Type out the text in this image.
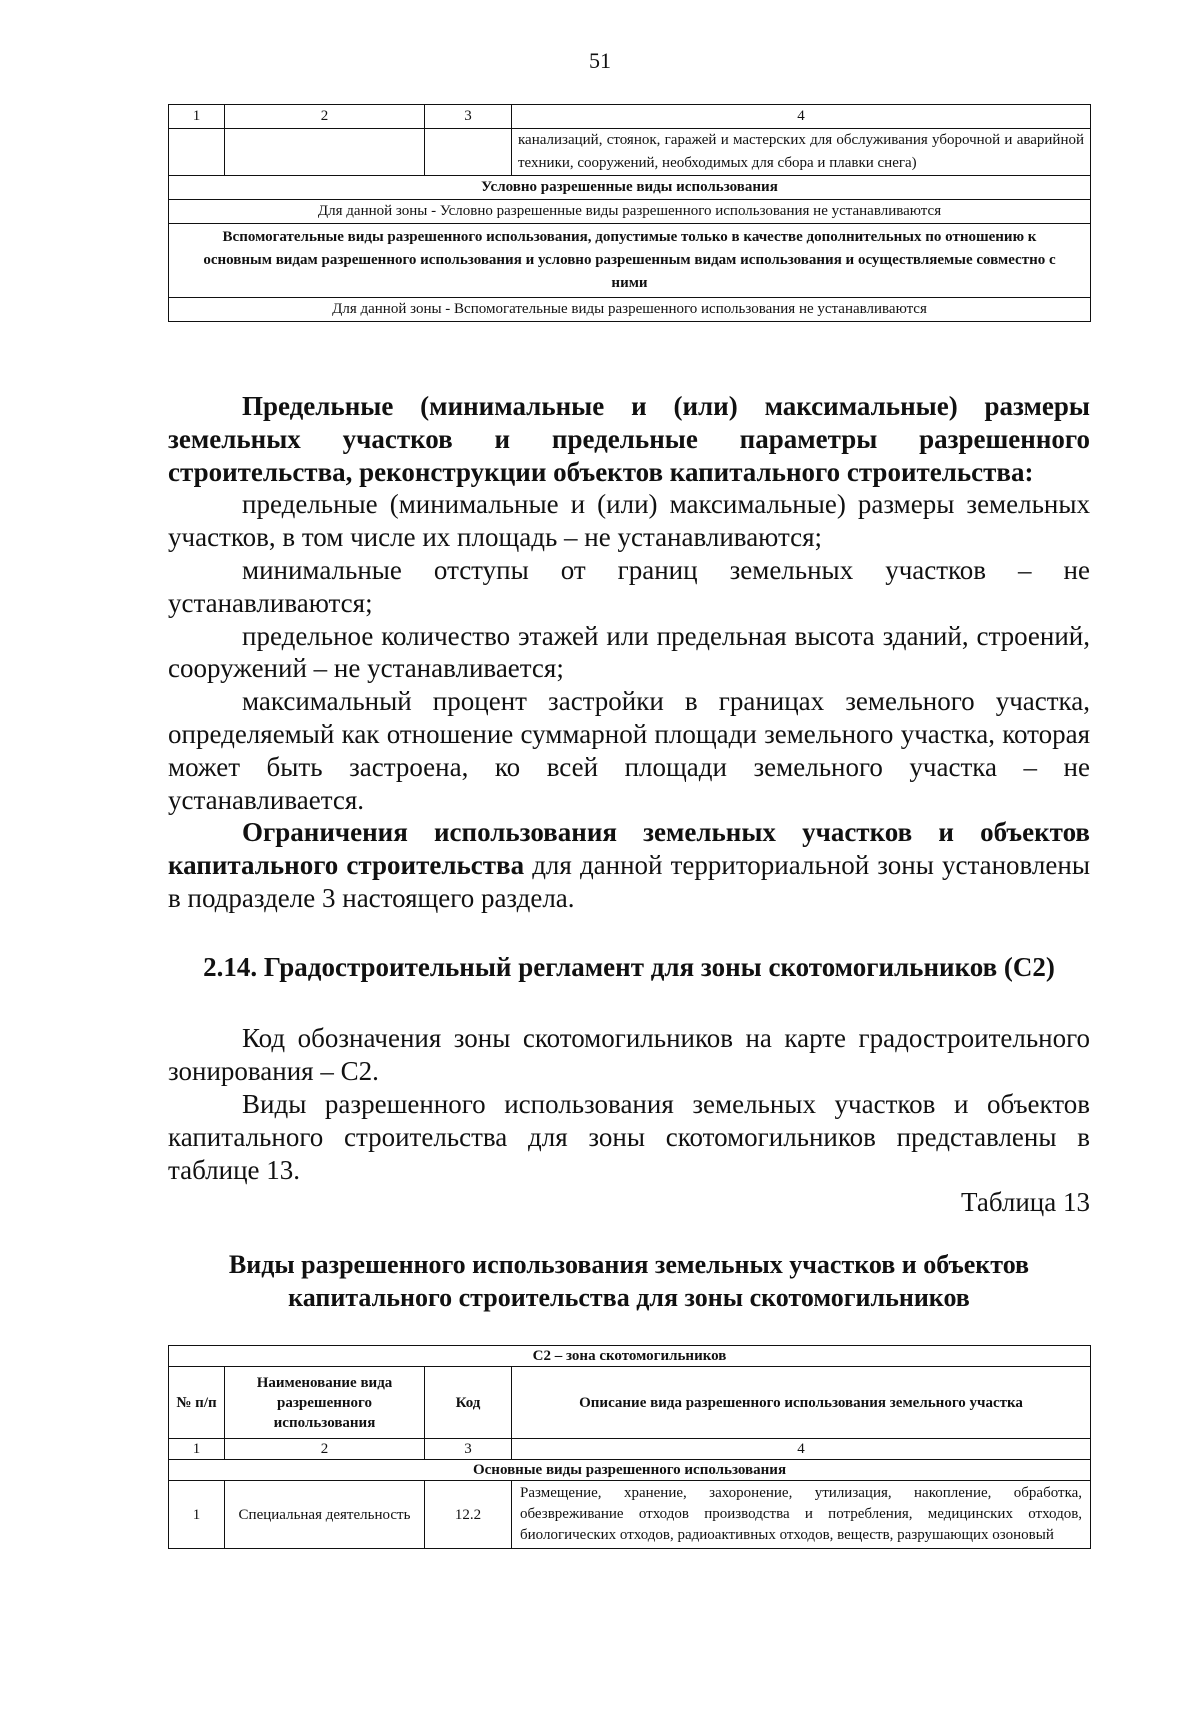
51
1	2	3	4
			канализаций, стоянок, гаражей и мастерских для обслуживания уборочной и аварийной техники, сооружений, необходимых для сбора и плавки снега)
Условно разрешенные виды использования			
Для данной зоны - Условно разрешенные виды разрешенного использования не устанавливаются			
Вспомогательные виды разрешенного использования, допустимые только в качестве дополнительных по отношению к основным видам разрешенного использования и условно разрешенным видам использования и осуществляемые совместно с ними			
Для данной зоны - Вспомогательные виды разрешенного использования не устанавливаются			

Предельные (минимальные и (или) максимальные) размеры земельных участков и предельные параметры разрешенного строительства, реконструкции объектов капитального строительства:

предельные (минимальные и (или) максимальные) размеры земельных участков, в том числе их площадь – не устанавливаются;

минимальные отступы от границ земельных участков – не устанавливаются;

предельное количество этажей или предельная высота зданий, строений, сооружений – не устанавливается;

максимальный процент застройки в границах земельного участка, определяемый как отношение суммарной площади земельного участка, которая может быть застроена, ко всей площади земельного участка – не устанавливается.

Ограничения использования земельных участков и объектов капитального строительства для данной территориальной зоны установлены в подразделе 3 настоящего раздела.

2.14. Градостроительный регламент для зоны скотомогильников (С2)

Код обозначения зоны скотомогильников на карте градостроительного зонирования – С2.

Виды разрешенного использования земельных участков и объектов капитального строительства для зоны скотомогильников представлены в таблице 13.

Таблица 13
Виды разрешенного использования земельных участков и объектов
капитального строительства для зоны скотомогильников
С2 – зона скотомогильников			
№ п/п	Наименование вида разрешенного использования	Код	Описание вида разрешенного использования земельного участка
1	2	3	4
Основные виды разрешенного использования			
1	Специальная деятельность	12.2	Размещение, хранение, захоронение, утилизация, накопление, обработка, обезвреживание отходов производства и потребления, медицинских отходов, биологических отходов, радиоактивных отходов, веществ, разрушающих озоновый
